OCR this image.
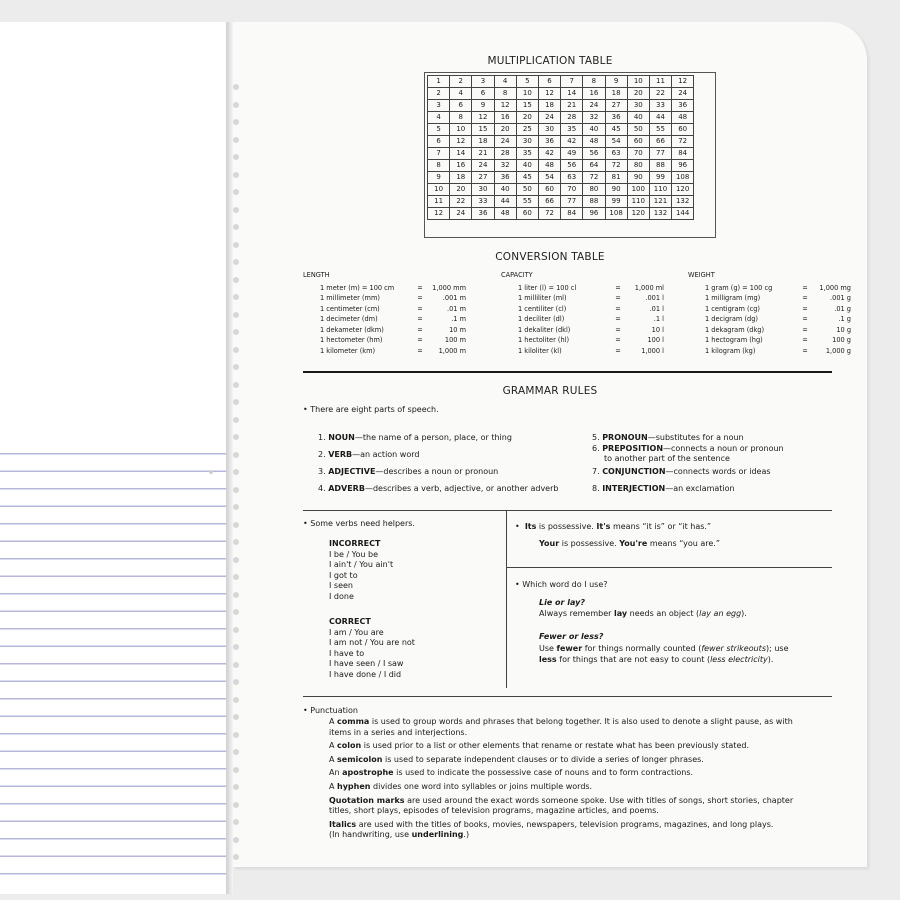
MULTIPLICATION TABLE
1	2	3	4	5	6	7	8	9	10	11	12
2	4	6	8	10	12	14	16	18	20	22	24
3	6	9	12	15	18	21	24	27	30	33	36
4	8	12	16	20	24	28	32	36	40	44	48
5	10	15	20	25	30	35	40	45	50	55	60
6	12	18	24	30	36	42	48	54	60	66	72
7	14	21	28	35	42	49	56	63	70	77	84
8	16	24	32	40	48	56	64	72	80	88	96
9	18	27	36	45	54	63	72	81	90	99	108
10	20	30	40	50	60	70	80	90	100	110	120
11	22	33	44	55	66	77	88	99	110	121	132
12	24	36	48	60	72	84	96	108	120	132	144
CONVERSION TABLE
LENGTH
1 meter (m) = 100 cm	=	1,000 mm
1 millimeter (mm)	=	.001 m
1 centimeter (cm)	=	.01 m
1 decimeter (dm)	=	.1 m
1 dekameter (dkm)	=	10 m
1 hectometer (hm)	=	100 m
1 kilometer (km)	=	1,000 m
CAPACITY
1 liter (l) = 100 cl	=	1,000 ml
1 milliliter (ml)	=	.001 l
1 centiliter (cl)	=	.01 l
1 deciliter (dl)	=	.1 l
1 dekaliter (dkl)	=	10 l
1 hectoliter (hl)	=	100 l
1 kiloliter (kl)	=	1,000 l
WEIGHT
1 gram (g) = 100 cg	=	1,000 mg
1 milligram (mg)	=	.001 g
1 centigram (cg)	=	.01 g
1 decigram (dg)	=	.1 g
1 dekagram (dkg)	=	10 g
1 hectogram (hg)	=	100 g
1 kilogram (kg)	=	1,000 g
GRAMMAR RULES
• There are eight parts of speech.
• Some verbs need helpers.
INCORRECT
I be / You be
I ain't / You ain't
I got to
I seen
I done
CORRECT
I am / You are
I am not / You are not
I have to
I have seen / I saw
I have done / I did
• Its is possessive. It's means “it is” or “it has.”
Your is possessive. You're means “you are.”
• Which word do I use?
Lie or lay?
Always remember lay needs an object (lay an egg).
Fewer or less?
Use fewer for things normally counted (fewer strikeouts); use
less for things that are not easy to count (less electricity).
• Punctuation
A comma is used to group words and phrases that belong together. It is also used to denote a slight pause, as with
items in a series and interjections.
A colon is used prior to a list or other elements that rename or restate what has been previously stated.
A semicolon is used to separate independent clauses or to divide a series of longer phrases.
An apostrophe is used to indicate the possessive case of nouns and to form contractions.
A hyphen divides one word into syllables or joins multiple words.
Quotation marks are used around the exact words someone spoke. Use with titles of songs, short stories, chapter
titles, short plays, episodes of television programs, magazine articles, and poems.
Italics are used with the titles of books, movies, newspapers, television programs, magazines, and long plays.
(In handwriting, use underlining.)
1. NOUN—the name of a person, place, or thing
2. VERB—an action word
3. ADJECTIVE—describes a noun or pronoun
4. ADVERB—describes a verb, adjective, or another adverb
5. PRONOUN—substitutes for a noun
6. PREPOSITION—connects a noun or pronoun
to another part of the sentence
7. CONJUNCTION—connects words or ideas
8. INTERJECTION—an exclamation
